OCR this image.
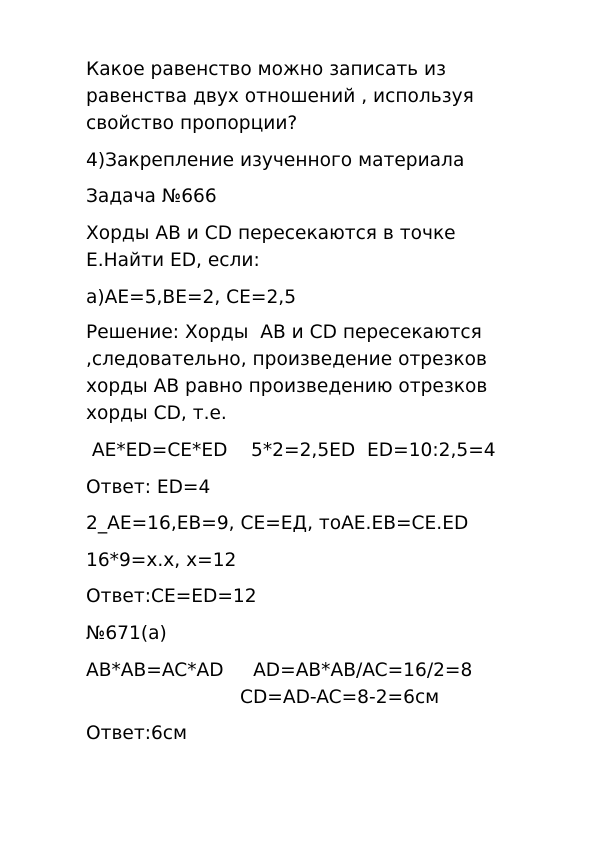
Какое равенство можно записать из
равенства двух отношений , используя
свойство пропорции?
4)Закрепление изученного материала
Задача №666
Хорды AB и CD пересекаются в точке
E.Найти ED, если:
а)AE=5,BE=2, CE=2,5
Решение: Хорды  AB и CD пересекаются
,следовательно, произведение отрезков
хорды AB равно произведению отрезков
хорды CD, т.е.
AE*ED=CE*ED    5*2=2,5ED  ED=10:2,5=4
Ответ: ED=4
2_AE=16,EB=9, CE=ЕД, тоAE.EB=CE.ED
16*9=x.x, x=12
Ответ:CE=ED=12
№671(а)
AB*AB=AC*AD     AD=AB*AB/AC=16/2=8
CD=AD-AC=8-2=6см
Ответ:6см
